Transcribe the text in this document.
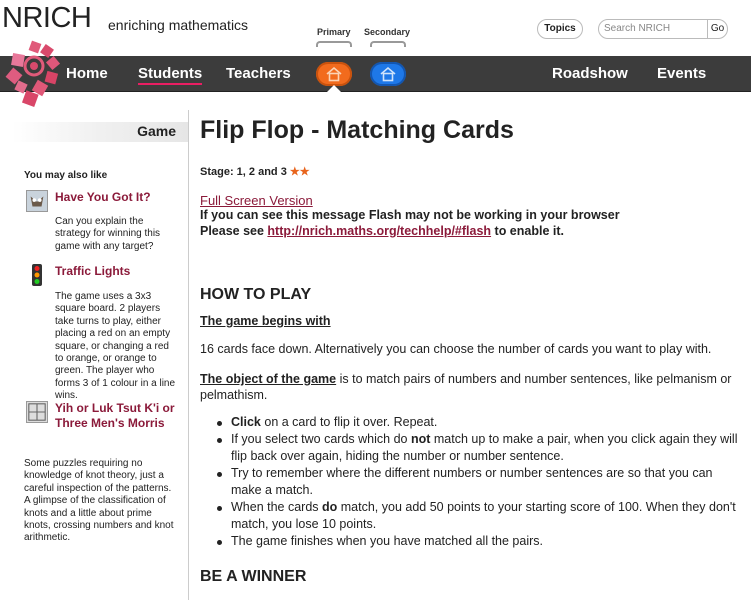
NRICH enriching mathematics	Primary Secondary	Topics	Search NRICH	Go
Home Students Teachers	Roadshow Events
Game
You may also like
Have You Got It?
Can you explain the strategy for winning this game with any target?
Traffic Lights
The game uses a 3x3 square board. 2 players take turns to play, either placing a red on an empty square, or changing a red to orange, or orange to green. The player who forms 3 of 1 colour in a line wins.
Yih or Luk Tsut K'i or Three Men's Morris
Some puzzles requiring no knowledge of knot theory, just a careful inspection of the patterns. A glimpse of the classification of knots and a little about prime knots, crossing numbers and knot arithmetic.
Flip Flop - Matching Cards
Stage: 1, 2 and 3 ★★
Full Screen Version
If you can see this message Flash may not be working in your browser
Please see http://nrich.maths.org/techhelp/#flash to enable it.
HOW TO PLAY
The game begins with
16 cards face down. Alternatively you can choose the number of cards you want to play with.
The object of the game is to match pairs of numbers and number sentences, like pelmanism or pelmathism.
Click on a card to flip it over. Repeat.
If you select two cards which do not match up to make a pair, when you click again they will flip back over again, hiding the number or number sentence.
Try to remember where the different numbers or number sentences are so that you can make a match.
When the cards do match, you add 50 points to your starting score of 100. When they don't match, you lose 10 points.
The game finishes when you have matched all the pairs.
BE A WINNER
